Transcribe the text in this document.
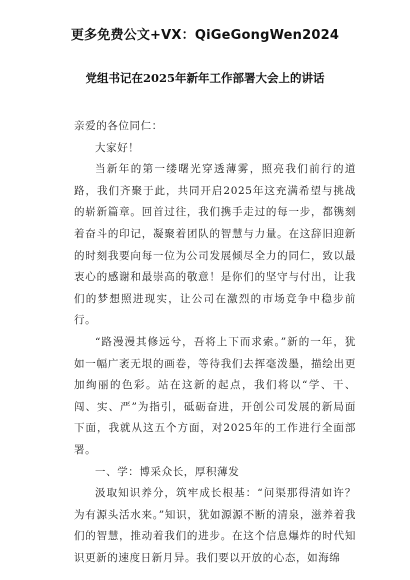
更多免费公文+VX：QiGeGongWen2024
党组书记在2025年新年工作部署大会上的讲话

亲爱的各位同仁：

大家好！

当新年的第一缕曙光穿透薄雾，照亮我们前行的道路，我们齐聚于此，共同开启2025年这充满希望与挑战的崭新篇章。回首过往，我们携手走过的每一步，都镌刻着奋斗的印记，凝聚着团队的智慧与力量。在这辞旧迎新的时刻我要向每一位为公司发展倾尽全力的同仁，致以最衷心的感谢和最崇高的敬意！是你们的坚守与付出，让我们的梦想照进现实，让公司在激烈的市场竞争中稳步前行。

“路漫漫其修远兮，吾将上下而求索。”新的一年，犹如一幅广袤无垠的画卷，等待我们去挥毫泼墨，描绘出更加绚丽的色彩。站在这新的起点，我们将以“学、干、闯、实、严”为指引，砥砺奋进，开创公司发展的新局面下面，我就从这五个方面，对2025年的工作进行全面部署。

一、学：博采众长，厚积薄发

汲取知识养分，筑牢成长根基：“问渠那得清如许？为有源头活水来。”知识，犹如源源不断的清泉，滋养着我们的智慧，推动着我们的进步。在这个信息爆炸的时代知识更新的速度日新月异。我们要以开放的心态，如海绵
